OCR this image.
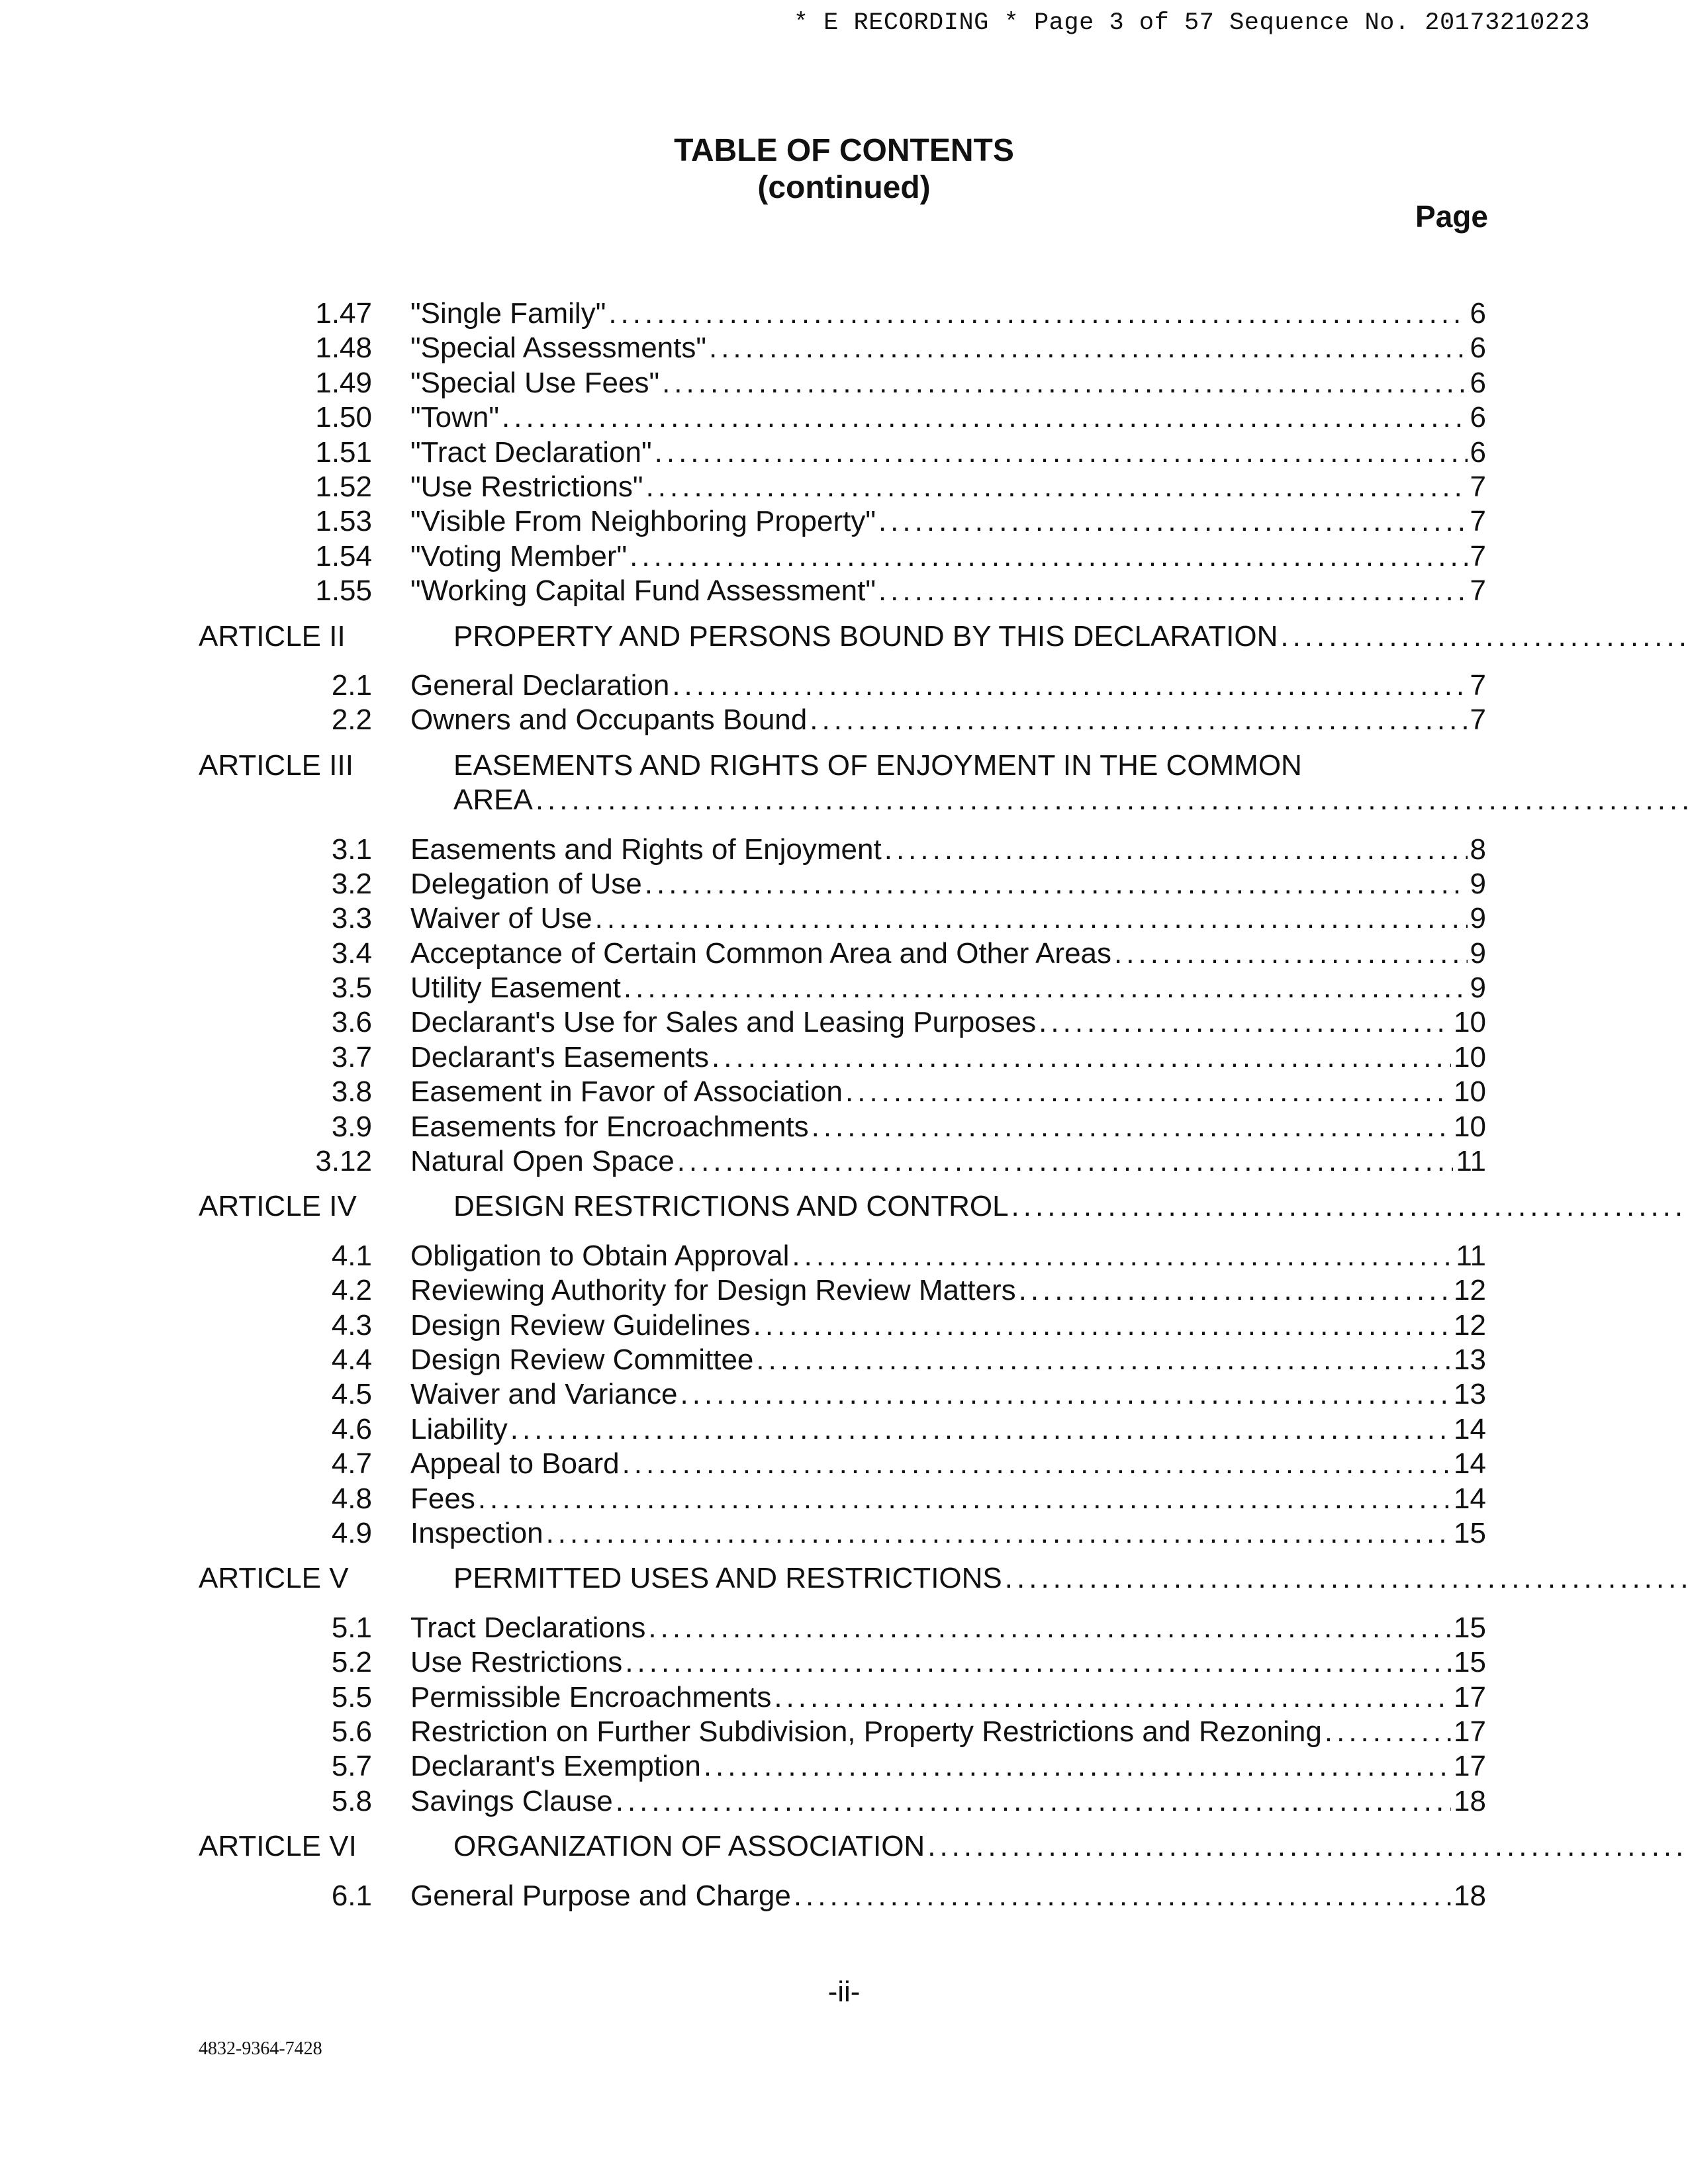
* E RECORDING * Page 3 of 57 Sequence No. 20173210223
TABLE OF CONTENTS
(continued)
Page
1.47 "Single Family" .....	6
1.48 "Special Assessments" .....	6
1.49 "Special Use Fees" .....	6
1.50 "Town" .....	6
1.51 "Tract Declaration" .....	6
1.52 "Use Restrictions" .....	7
1.53 "Visible From Neighboring Property" .....	7
1.54 "Voting Member" .....	7
1.55 "Working Capital Fund Assessment" .....	7
ARTICLE II	PROPERTY AND PERSONS BOUND BY THIS DECLARATION
.....
2.1 General Declaration .....	7
2.2 Owners and Occupants Bound .....	7
ARTICLE III	EASEMENTS AND RIGHTS OF ENJOYMENT IN THE COMMON
AREA
.....
3.1 Easements and Rights of Enjoyment .....	8
3.2 Delegation of Use .....	9
3.3 Waiver of Use .....	9
3.4 Acceptance of Certain Common Area and Other Areas .....	9
3.5 Utility Easement .....	9
3.6 Declarant's Use for Sales and Leasing Purposes .....	10
3.7 Declarant's Easements .....	10
3.8 Easement in Favor of Association .....	10
3.9 Easements for Encroachments .....	10
3.12 Natural Open Space .....	11
ARTICLE IV	DESIGN RESTRICTIONS AND CONTROL
.....
4.1 Obligation to Obtain Approval .....	11
4.2 Reviewing Authority for Design Review Matters .....	12
4.3 Design Review Guidelines .....	12
4.4 Design Review Committee .....	13
4.5 Waiver and Variance .....	13
4.6 Liability .....	14
4.7 Appeal to Board .....	14
4.8 Fees .....	14
4.9 Inspection .....	15
ARTICLE V	PERMITTED USES AND RESTRICTIONS
.....
5.1 Tract Declarations .....	15
5.2 Use Restrictions .....	15
5.5 Permissible Encroachments .....	17
5.6 Restriction on Further Subdivision, Property Restrictions and Rezoning .....	17
5.7 Declarant's Exemption .....	17
5.8 Savings Clause .....	18
ARTICLE VI	ORGANIZATION OF ASSOCIATION
.....
6.1 General Purpose and Charge .....	18
-ii-
4832-9364-7428
